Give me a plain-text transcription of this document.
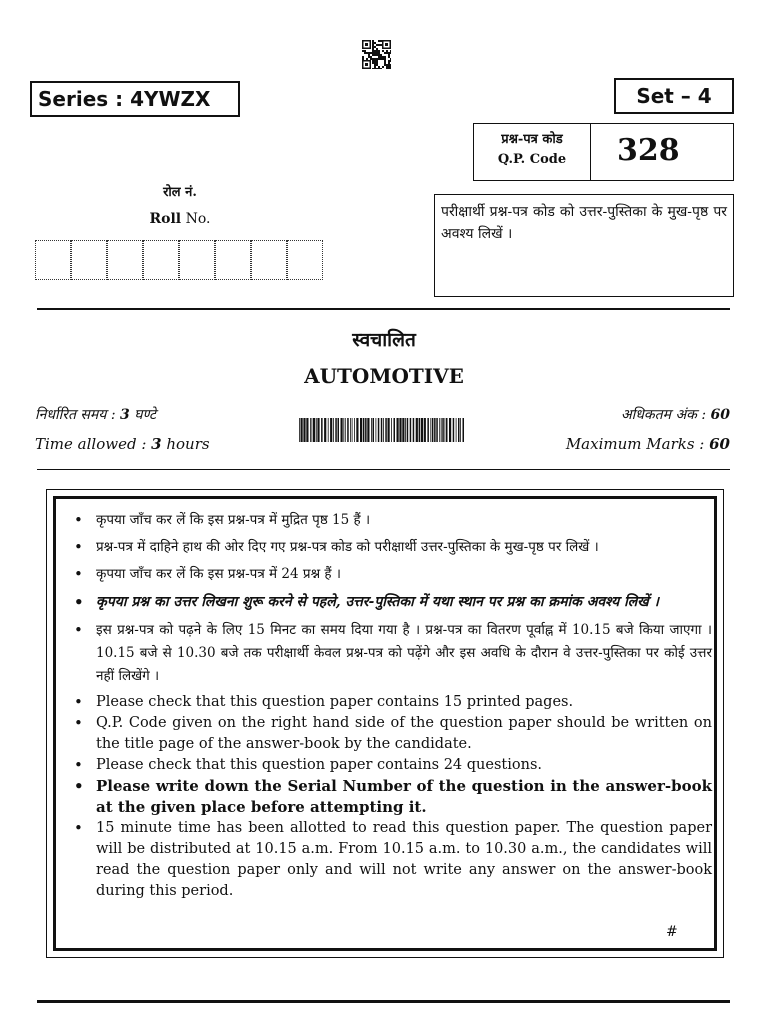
Series : 4YWZX	Set – 4
प्रश्न-पत्र कोड
Q.P. Code	328
रोल नं.
Roll No.	परीक्षार्थी प्रश्न-पत्र कोड को उत्तर-पुस्तिका के मुख-पृष्ठ पर अवश्य लिखें ।
स्वचालित
AUTOMOTIVE
निर्धारित समय : 3 घण्टे
Time allowed : 3 hours
अधिकतम अंक : 60
Maximum Marks : 60
• कृपया जाँच कर लें कि इस प्रश्न-पत्र में मुद्रित पृष्ठ 15 हैं ।
• प्रश्न-पत्र में दाहिने हाथ की ओर दिए गए प्रश्न-पत्र कोड को परीक्षार्थी उत्तर-पुस्तिका के मुख-पृष्ठ पर लिखें ।
• कृपया जाँच कर लें कि इस प्रश्न-पत्र में 24 प्रश्न हैं ।
• कृपया प्रश्न का उत्तर लिखना शुरू करने से पहले, उत्तर-पुस्तिका में यथा स्थान पर प्रश्न का क्रमांक अवश्य लिखें ।
• इस प्रश्न-पत्र को पढ़ने के लिए 15 मिनट का समय दिया गया है । प्रश्न-पत्र का वितरण पूर्वाह्न में 10.15 बजे किया जाएगा । 10.15 बजे से 10.30 बजे तक परीक्षार्थी केवल प्रश्न-पत्र को पढ़ेंगे और इस अवधि के दौरान वे उत्तर-पुस्तिका पर कोई उत्तर नहीं लिखेंगे ।
• Please check that this question paper contains 15 printed pages.
• Q.P. Code given on the right hand side of the question paper should be written on the title page of the answer-book by the candidate.
• Please check that this question paper contains 24 questions.
• Please write down the Serial Number of the question in the answer-book at the given place before attempting it.
• 15 minute time has been allotted to read this question paper. The question paper will be distributed at 10.15 a.m. From 10.15 a.m. to 10.30 a.m., the candidates will read the question paper only and will not write any answer on the answer-book during this period.
#
